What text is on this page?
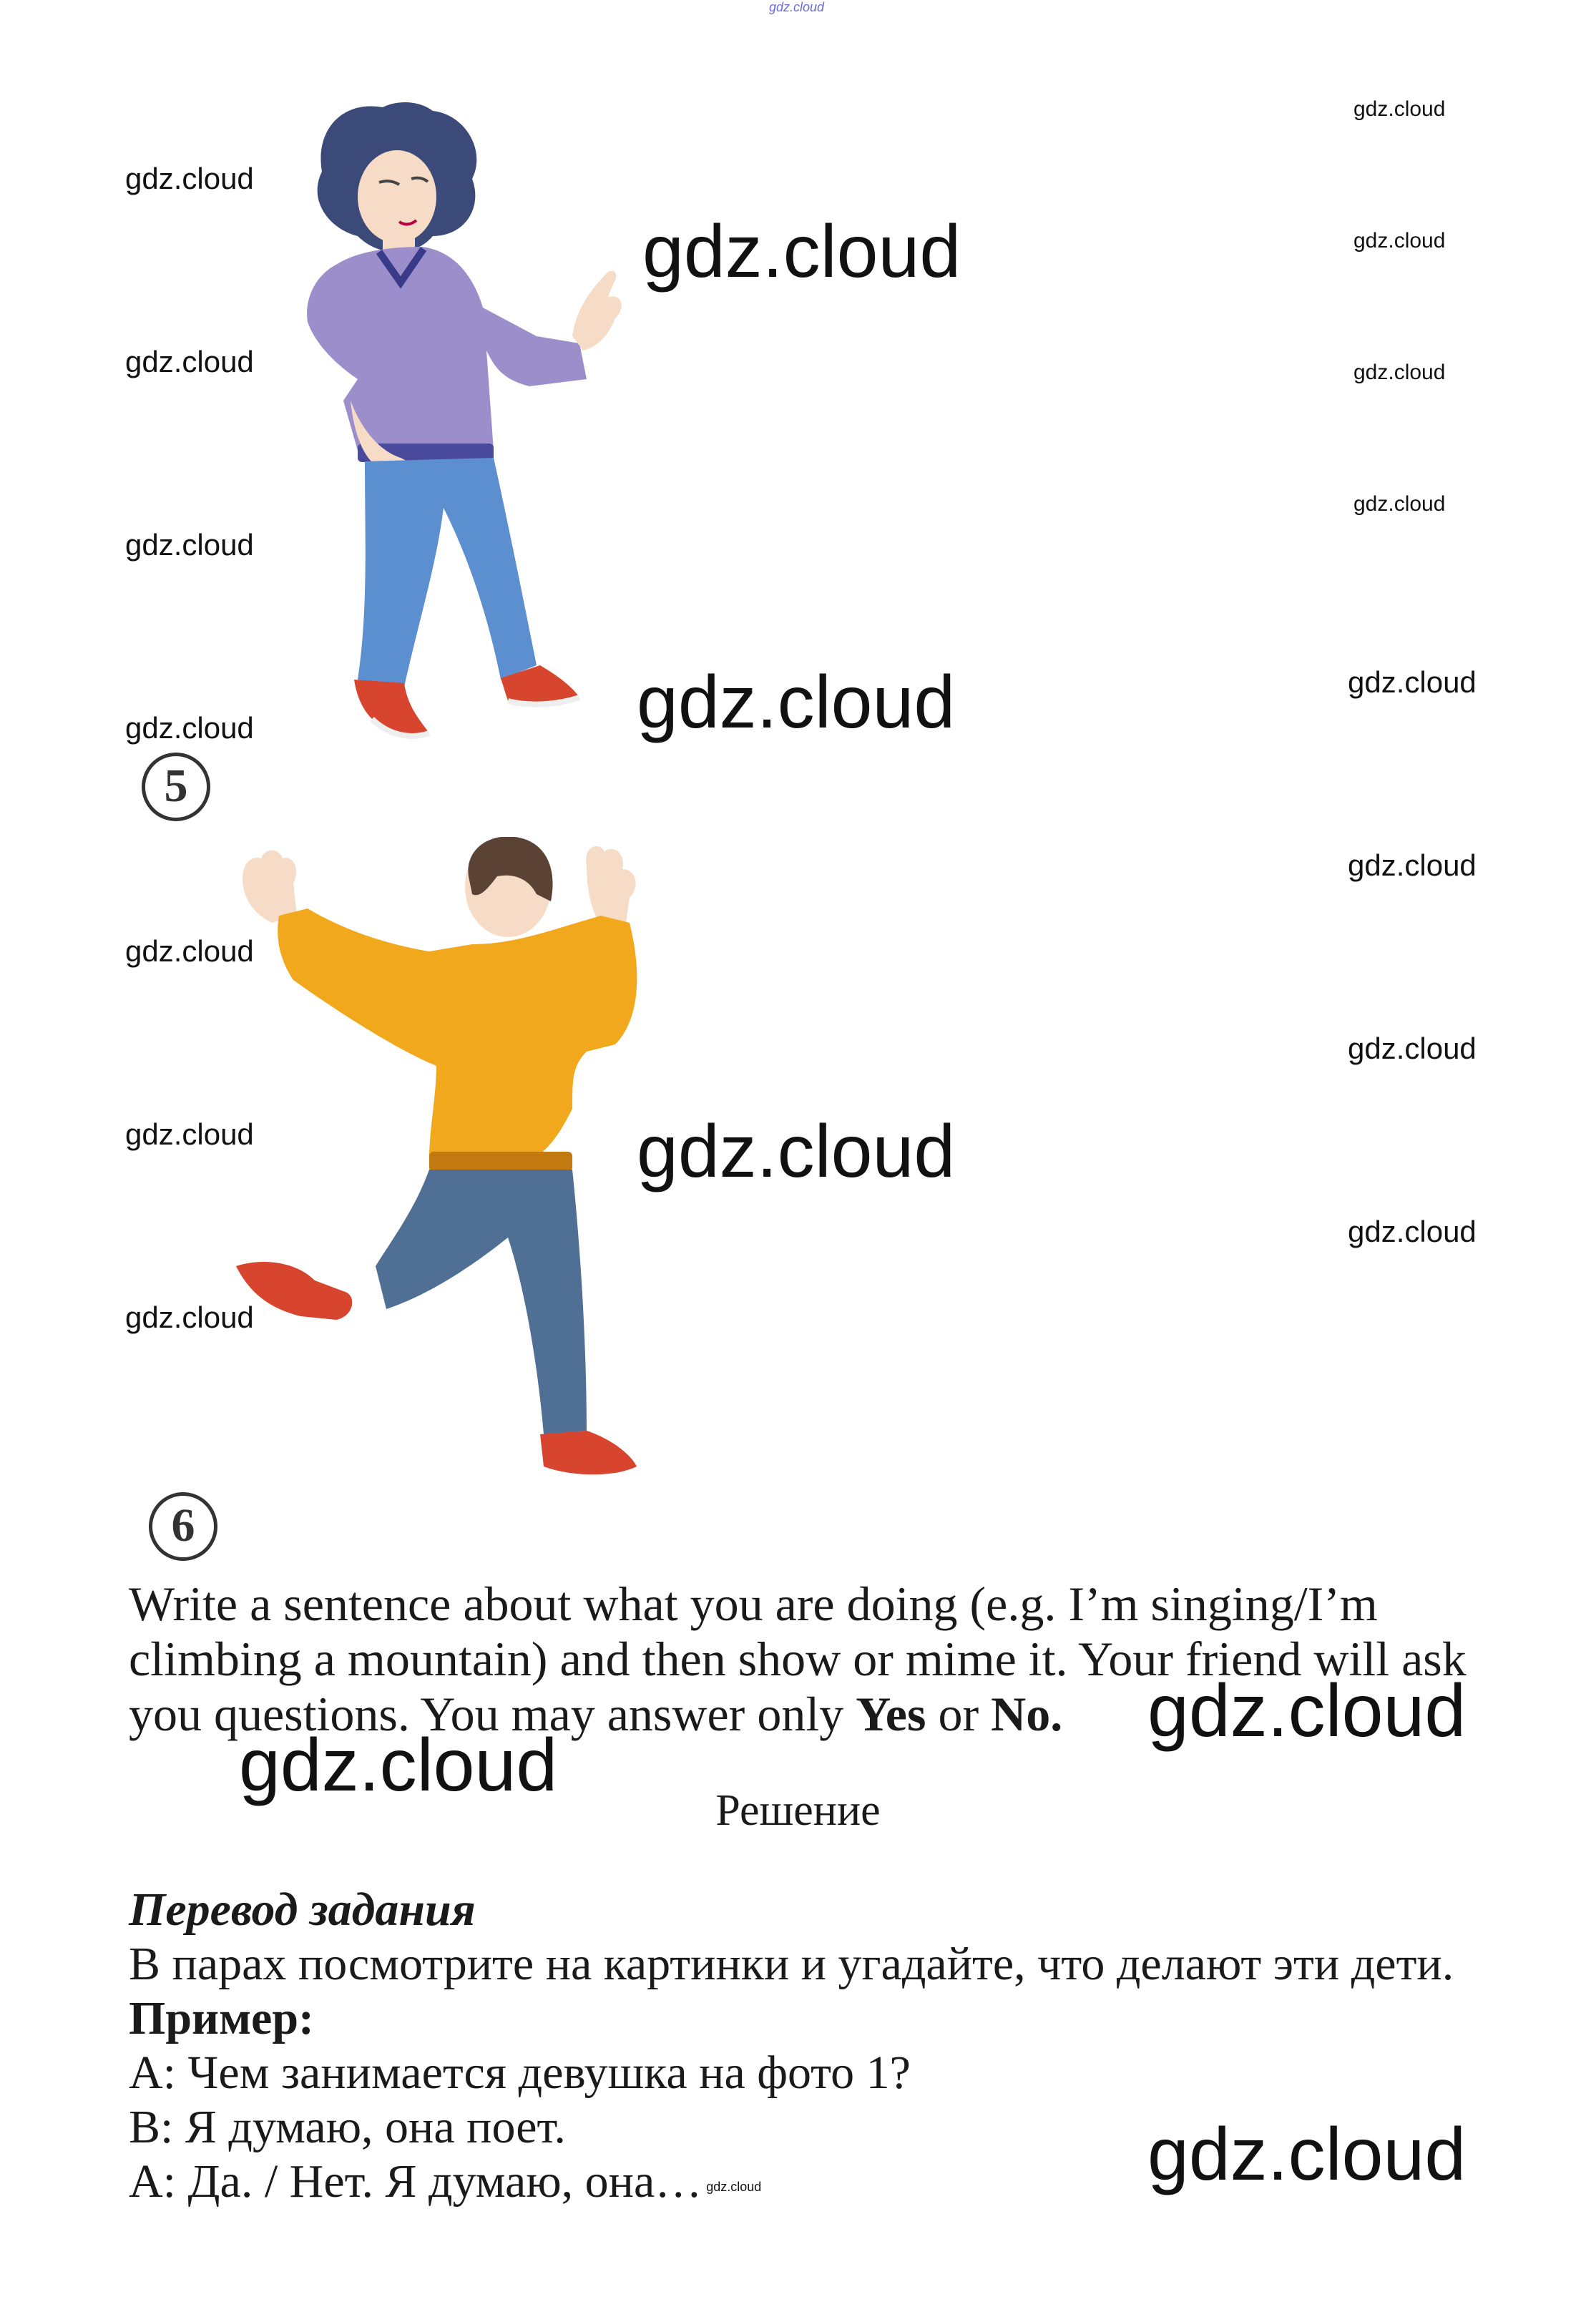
gdz.cloud
gdz.cloud
gdz.cloud
gdz.cloud
gdz.cloud
gdz.cloud
gdz.cloud
gdz.cloud
gdz.cloud
gdz.cloud
gdz.cloud
gdz.cloud
gdz.cloud
gdz.cloud
gdz.cloud
gdz.cloud
gdz.cloud
gdz.cloud
gdz.cloud
5
6
Write a sentence about what you are doing (e.g. I’m singing/I’m climbing a mountain) and then show or mime it. Your friend will ask you questions. You may answer only Yes or No.	gdz.cloud
gdz.cloud
Решение
Перевод задания
В парах посмотрите на картинки и угадайте, что делают эти дети.
Пример:
А: Чем занимается девушка на фото 1?
В: Я думаю, она поет.
А: Да. / Нет. Я думаю, она… gdz.cloud	gdz.cloud
